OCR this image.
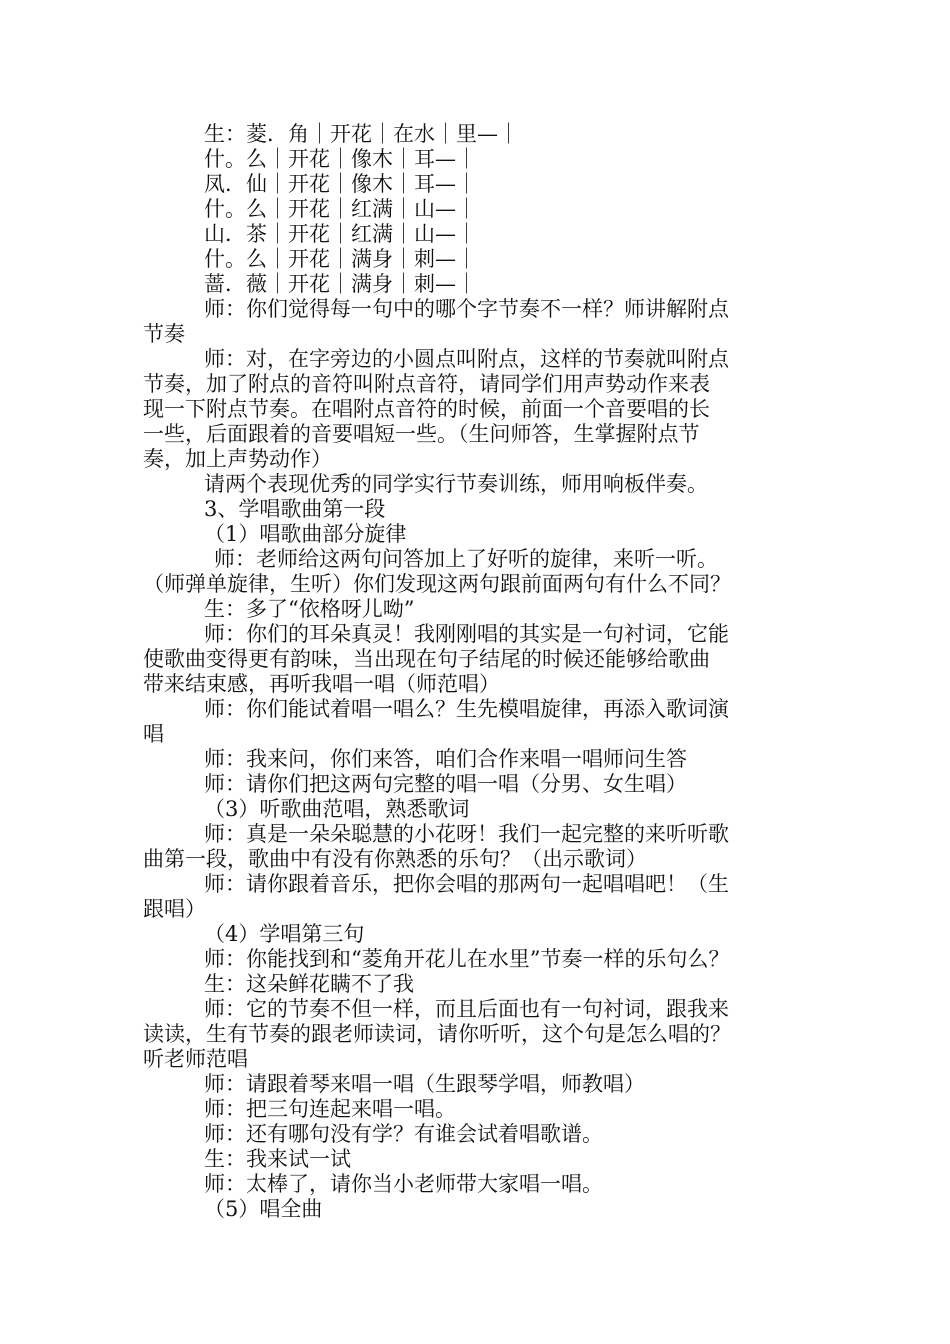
生：菱．角｜开花｜在水｜里—｜
什。么｜开花｜像木｜耳—｜
凤．仙｜开花｜像木｜耳—｜
什。么｜开花｜红满｜山—｜
山．茶｜开花｜红满｜山—｜
什。么｜开花｜满身｜刺—｜
蔷．薇｜开花｜满身｜刺—｜
师：你们觉得每一句中的哪个字节奏不一样？师讲解附点
节奏
师：对，在字旁边的小圆点叫附点，这样的节奏就叫附点
节奏，加了附点的音符叫附点音符，请同学们用声势动作来表
现一下附点节奏。在唱附点音符的时候，前面一个音要唱的长
一些，后面跟着的音要唱短一些。（生问师答，生掌握附点节
奏，加上声势动作）
请两个表现优秀的同学实行节奏训练，师用响板伴奏。
3、学唱歌曲第一段
（1）唱歌曲部分旋律
师：老师给这两句问答加上了好听的旋律，来听一听。
（师弹单旋律，生听）你们发现这两句跟前面两句有什么不同？
生：多了“依格呀儿呦”
师：你们的耳朵真灵！我刚刚唱的其实是一句衬词，它能
使歌曲变得更有韵味，当出现在句子结尾的时候还能够给歌曲
带来结束感，再听我唱一唱（师范唱）
师：你们能试着唱一唱么？生先模唱旋律，再添入歌词演
唱
师：我来问，你们来答，咱们合作来唱一唱师问生答
师：请你们把这两句完整的唱一唱（分男、女生唱）
（3）听歌曲范唱，熟悉歌词
师：真是一朵朵聪慧的小花呀！我们一起完整的来听听歌
曲第一段，歌曲中有没有你熟悉的乐句？（出示歌词）
师：请你跟着音乐，把你会唱的那两句一起唱唱吧！（生
跟唱）
（4）学唱第三句
师：你能找到和“菱角开花儿在水里”节奏一样的乐句么？
生：这朵鲜花瞒不了我
师：它的节奏不但一样，而且后面也有一句衬词，跟我来
读读，生有节奏的跟老师读词，请你听听，这个句是怎么唱的？
听老师范唱
师：请跟着琴来唱一唱（生跟琴学唱，师教唱）
师：把三句连起来唱一唱。
师：还有哪句没有学？有谁会试着唱歌谱。
生：我来试一试
师：太棒了，请你当小老师带大家唱一唱。
（5）唱全曲
